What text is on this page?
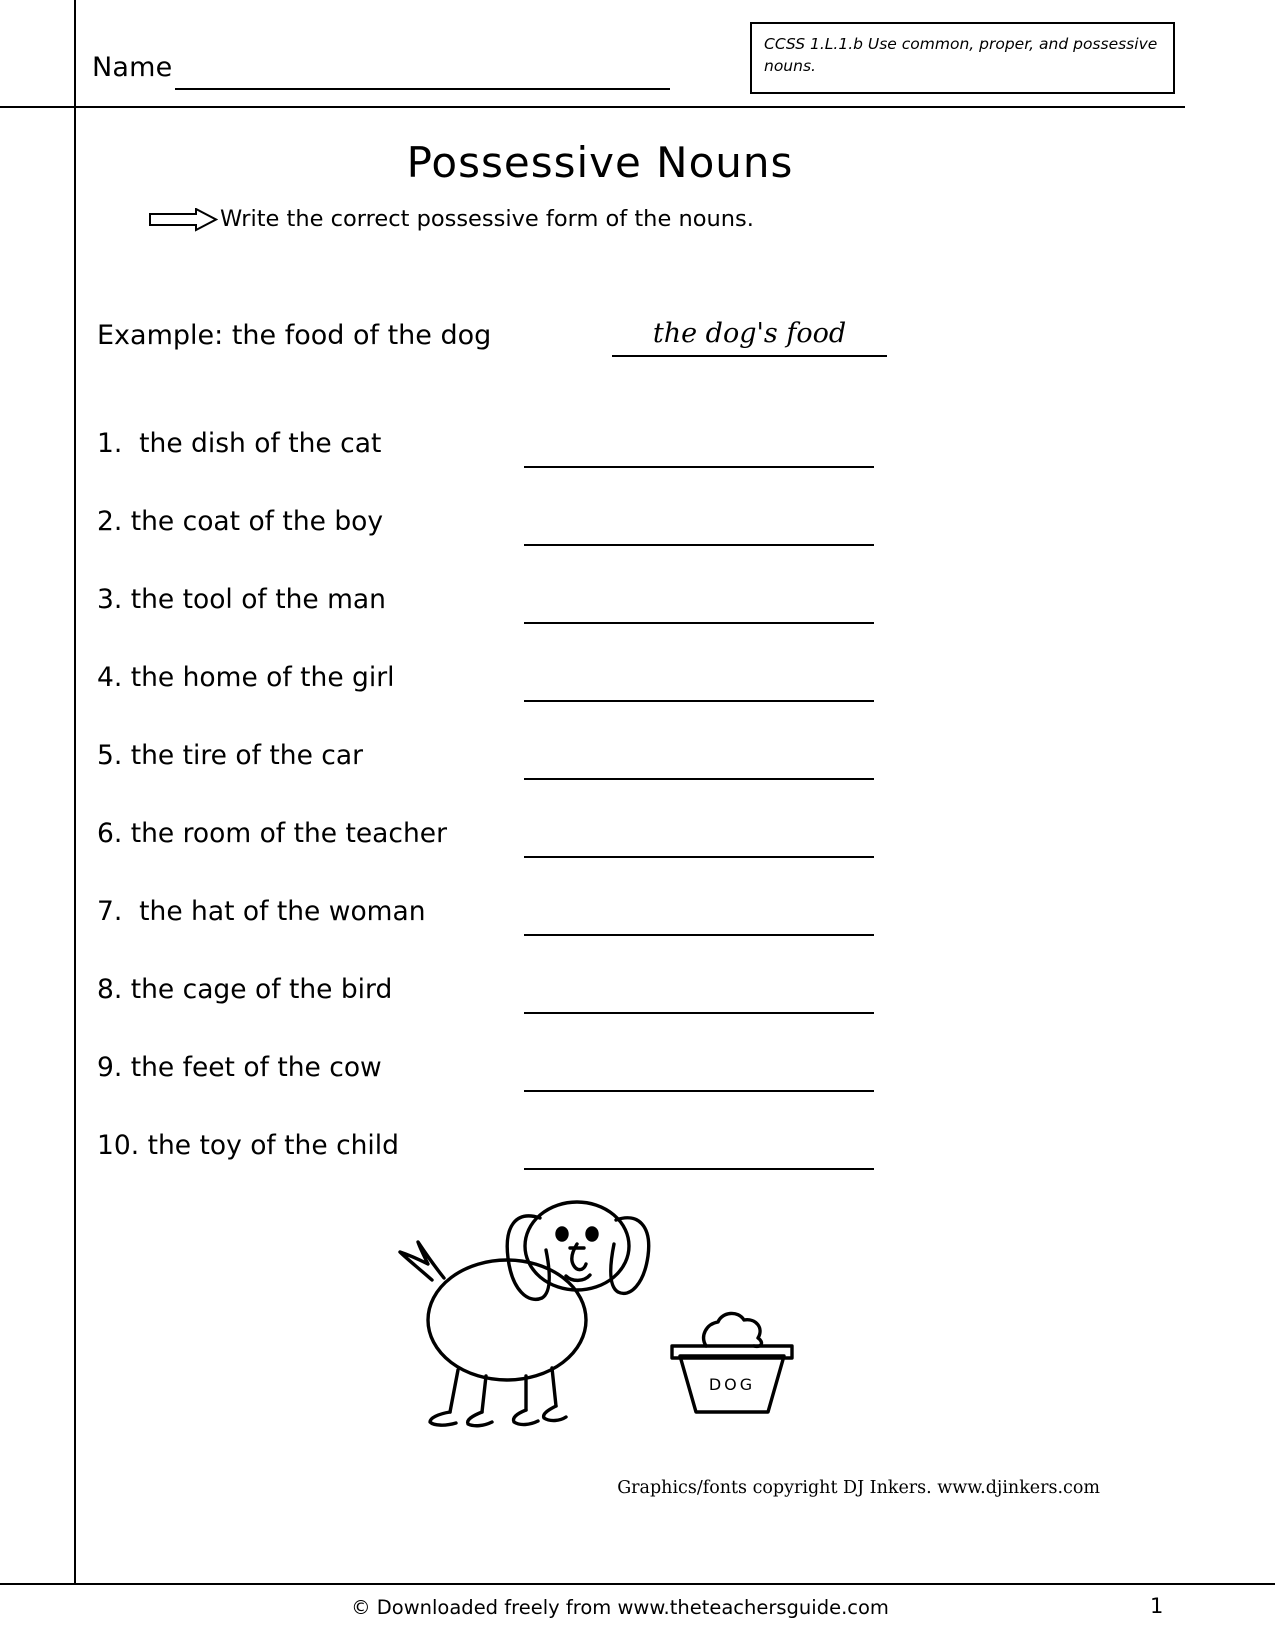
CCSS 1.L.1.b Use common, proper, and possessive nouns.
Name
Possessive Nouns
Write the correct possessive form of the nouns.
Example: the food of the dog	the dog's food
1.  the dish of the cat
2. the coat of the boy
3. the tool of the man
4. the home of the girl
5. the tire of the car
6. the room of the teacher
7.  the hat of the woman
8. the cage of the bird
9. the feet of the cow
10. the toy of the child
DOG
Graphics/fonts copyright DJ Inkers. www.djinkers.com
© Downloaded freely from www.theteachersguide.com	1
